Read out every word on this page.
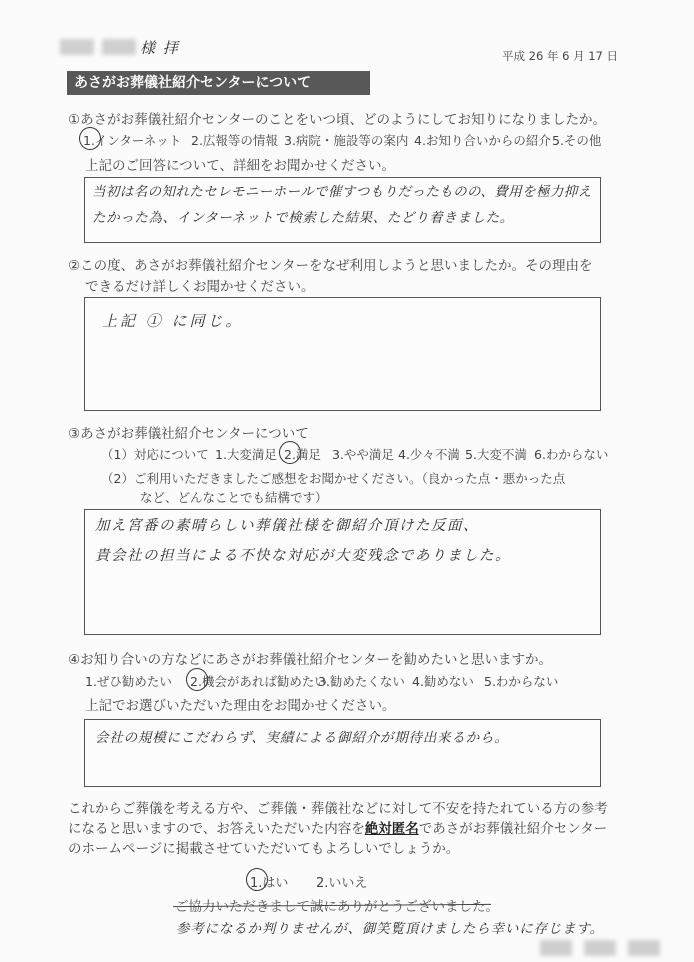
様 拝	平成 26 年 6 月 17 日
あさがお葬儀社紹介センターについて
①あさがお葬儀社紹介センターのことをいつ頃、どのようにしてお知りになりましたか。
1.インターネット 2.広報等の情報 3.病院・施設等の案内 4.お知り合いからの紹介 5.その他
上記のご回答について、詳細をお聞かせください。
当初は名の知れたセレモニーホールで催すつもりだったものの、費用を極力抑え
たかった為、インターネットで検索した結果、たどり着きました。
②この度、あさがお葬儀社紹介センターをなぜ利用しようと思いましたか。その理由を
できるだけ詳しくお聞かせください。
上記 ① に同じ。
③あさがお葬儀社紹介センターについて
（1）対応について 1.大変満足 2.満足 3.やや満足 4.少々不満 5.大変不満 6.わからない
（2）ご利用いただきましたご感想をお聞かせください。（良かった点・悪かった点
など、どんなことでも結構です）
加え宮番の素晴らしい葬儀社様を御紹介頂けた反面、
貴会社の担当による不快な対応が大変残念でありました。
④お知り合いの方などにあさがお葬儀社紹介センターを勧めたいと思いますか。
1.ぜひ勧めたい 2.機会があれば勧めたい
3.勧めたくない 4.勧めない 5.わからない
上記でお選びいただいた理由をお聞かせください。
会社の規模にこだわらず、実績による御紹介が期待出来るから。
これからご葬儀を考える方や、ご葬儀・葬儀社などに対して不安を持たれている方の参考
になると思いますので、お答えいただいた内容を絶対匿名であさがお葬儀社紹介センター
のホームページに掲載させていただいてもよろしいでしょうか。
1.はい 2.いいえ
ご協力いただきまして誠にありがとうございました。
参考になるか判りませんが、御笑覧頂けましたら幸いに存じます。
